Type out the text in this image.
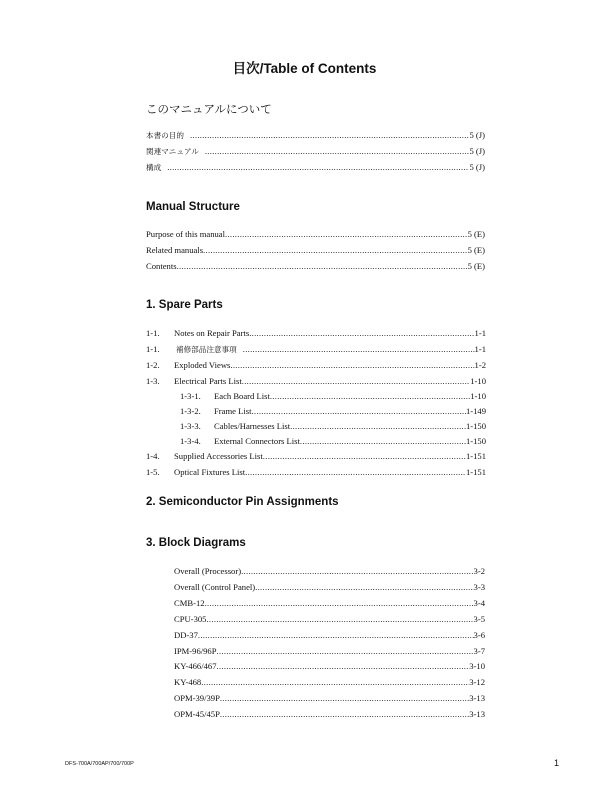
目次/Table of Contents
このマニュアルについて
本書の目的 .....	5 (J)
関連マニュアル .....	5 (J)
構成 .....	5 (J)
Manual Structure
Purpose of this manual .....	5 (E)
Related manuals .....	5 (E)
Contents .....	5 (E)
1. Spare Parts
1-1.	Notes on Repair Parts .....	1-1
1-1.	補修部品注意事項 .....	1-1
1-2.	Exploded Views .....	1-2
1-3.	Electrical Parts List .....	1-10
1-3-1.	Each Board List .....	1-10
1-3-2.	Frame List .....	1-149
1-3-3.	Cables/Harnesses List .....	1-150
1-3-4.	External Connectors List .....	1-150
1-4.	Supplied Accessories List .....	1-151
1-5.	Optical Fixtures List .....	1-151
2. Semiconductor Pin Assignments
3. Block Diagrams
Overall (Processor) .....	3-2
Overall (Control Panel) .....	3-3
CMB-12 .....	3-4
CPU-305 .....	3-5
DD-37 .....	3-6
IPM-96/96P .....	3-7
KY-466/467 .....	3-10
KY-468 .....	3-12
OPM-39/39P .....	3-13
OPM-45/45P .....	3-13
DFS-700A/700AP/700/700P	1
